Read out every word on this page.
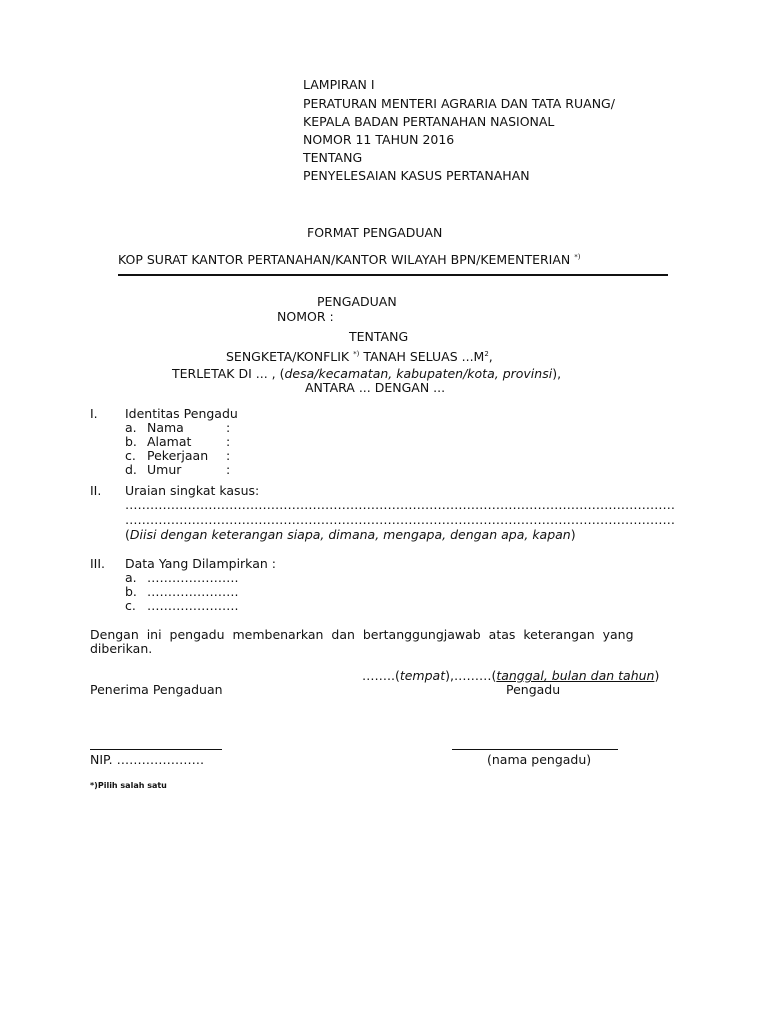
LAMPIRAN I
PERATURAN MENTERI AGRARIA DAN TATA RUANG/
KEPALA BADAN PERTANAHAN NASIONAL
NOMOR 11 TAHUN 2016
TENTANG
PENYELESAIAN KASUS PERTANAHAN
FORMAT PENGADUAN
KOP SURAT KANTOR PERTANAHAN/KANTOR WILAYAH BPN/KEMENTERIAN *)
PENGADUAN
NOMOR :
TENTANG
SENGKETA/KONFLIK *) TANAH SELUAS $...M^2$,
TERLETAK DI ... , (desa/kecamatan, kabupaten/kota, provinsi),
ANTARA ... DENGAN ...
I. Identitas Pengadu
a. Nama	:
b. Alamat	:
c. Pekerjaan :
d. Umur	:
II. Uraian singkat kasus:
……………………………………………………………………………………………………………………
……………………………………………………………………………………………………………………
(Diisi dengan keterangan siapa, dimana, mengapa, dengan apa, kapan)
III. Data Yang Dilampirkan :
a. ………………….
b. ………………….
c. ………………….
Dengan  ini  pengadu  membenarkan  dan  bertanggungjawab  atas  keterangan  yang
diberikan.
……..(tempat),………(tanggal, bulan dan tahun)
Penerima Pengaduan	Pengadu
NIP. …………………	(nama pengadu)
*)Pilih salah satu
